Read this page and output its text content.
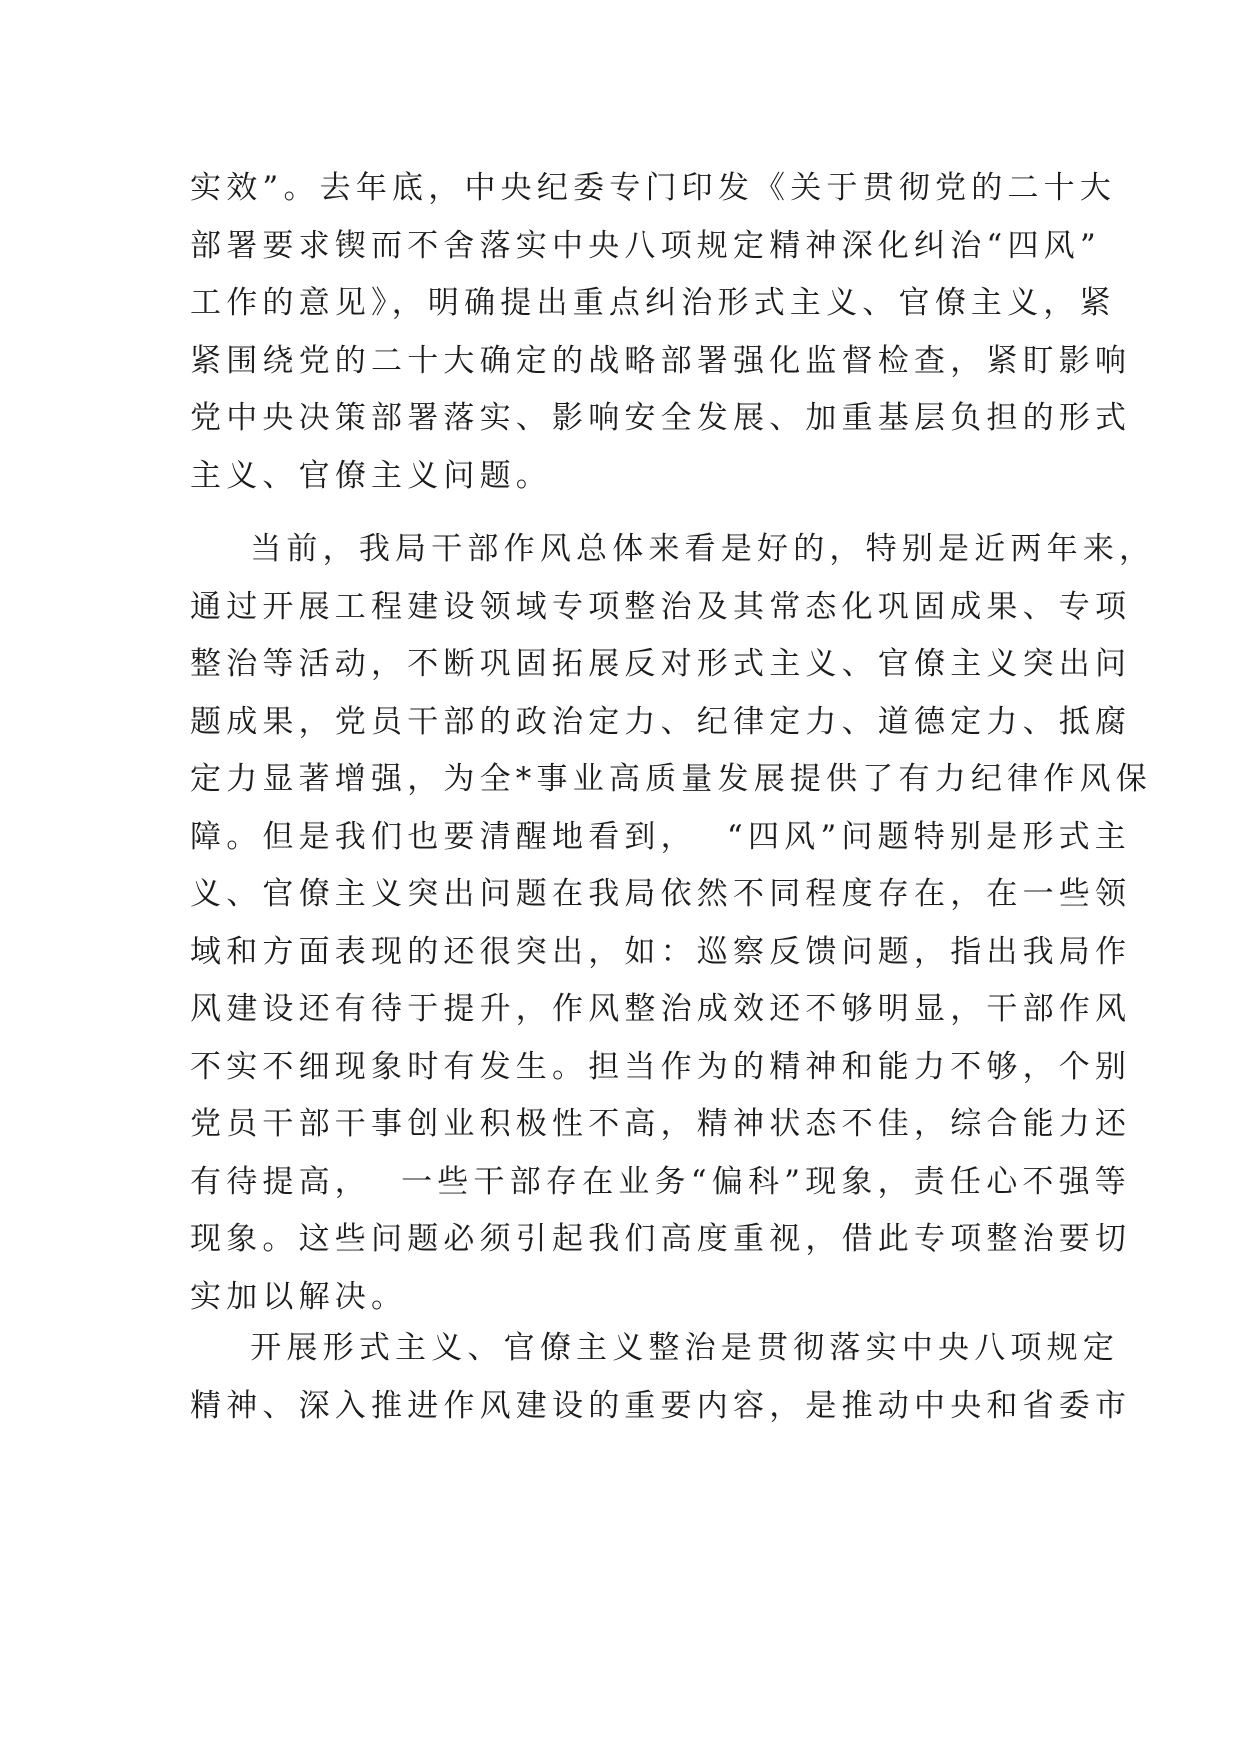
实效”。去年底，中央纪委专门印发《关于贯彻党的二十大
部署要求锲而不舍落实中央八项规定精神深化纠治“四风”
工作的意见》，明确提出重点纠治形式主义、官僚主义，紧
紧围绕党的二十大确定的战略部署强化监督检查，紧盯影响
党中央决策部署落实、影响安全发展、加重基层负担的形式
主义、官僚主义问题。
当前，我局干部作风总体来看是好的，特别是近两年来，
通过开展工程建设领域专项整治及其常态化巩固成果、专项
整治等活动，不断巩固拓展反对形式主义、官僚主义突出问
题成果，党员干部的政治定力、纪律定力、道德定力、抵腐
定力显著增强，为全*事业高质量发展提供了有力纪律作风保
障。但是我们也要清醒地看到，  “四风”问题特别是形式主
义、官僚主义突出问题在我局依然不同程度存在，在一些领
域和方面表现的还很突出，如：巡察反馈问题，指出我局作
风建设还有待于提升，作风整治成效还不够明显，干部作风
不实不细现象时有发生。担当作为的精神和能力不够，个别
党员干部干事创业积极性不高，精神状态不佳，综合能力还
有待提高，  一些干部存在业务“偏科”现象，责任心不强等
现象。这些问题必须引起我们高度重视，借此专项整治要切
实加以解决。
开展形式主义、官僚主义整治是贯彻落实中央八项规定
精神、深入推进作风建设的重要内容，是推动中央和省委市
